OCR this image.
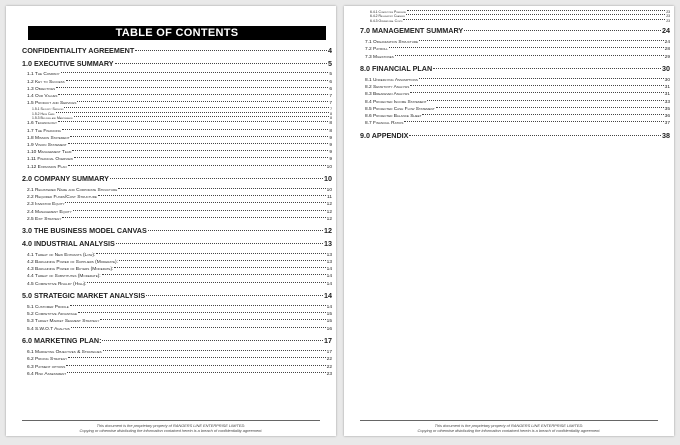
TABLE OF CONTENTS
CONFIDENTIALITY AGREEMENT	4
1.0 EXECUTIVE SUMMARY	5
1.1 The Company	5
1.2 Key to Success	6
1.3 Objectives	6
1.4 Our Values	7
1.5 Product and Services	7
1.5.1 Security Services	7
1.5.2 Here Care	8
1.5.3 Building and Maintenance	8
1.6 Technology	8
1.7 The Financing	8
1.8 Mission Statement	9
1.9 Vision Statement	9
1.10 Management Team	9
1.11 Financial Overview	9
1.12 Expansion Plan	10
2.0 COMPANY SUMMARY	10
2.1 Registered Name and Corporate Structure	10
2.2 Required Funds/Cost Structure	11
2.3 Investor Equity	12
2.4 Management Equity	12
2.5 Exit Strategy	12
3.0 THE BUSINESS MODEL CANVAS	12
4.0 INDUSTRIAL ANALYSIS	13
4.1 Threat of New Entrants (Low):	13
4.2 Bargaining Power of Suppliers (Moderate):	13
4.3 Bargaining Power of Buyers (Moderate):	14
4.4 Threat of Substitutes (Moderate):	14
4.5 Competitive Rivalry (High):	14
5.0 STRATEGIC MARKET ANALYSIS	14
5.1 Customer Profile	14
5.2 Competitive Advantage	15
5.3 Target Market Segment Strategy	15
5.4 S.W.O.T Analysis	16
6.0 MARKETING PLAN:	17
6.1 Marketing Objectives & Strategies	17
6.2 Pricing Strategy	22
6.3 Payment options	22
6.4 Risk Assessment	23
This document is the proprietary property of RANGERS LINE ENTERPRISE LIMITED.
Copying or otherwise distributing the information contained herein is a breach of confidentiality agreement.
6.4.1 Competitive Pressure	23
6.4.2 Regulatory Changes	23
6.4.3 Operational Costs	23
7.0 MANAGEMENT SUMMARY	24
7.1 Organization Structure	24
7.2 Payroll	28
7.3 Milestones	29
8.0 FINANCIAL PLAN	30
8.1 Underlying Assumptions	30
8.2 Sensitivity Analysis	31
8.3 Breakeven Analysis	31
8.4 Projected Income Statement	33
8.5 Projected Cash Flow Statement	35
8.6 Projected Balance Sheet	36
8.7 Financial Ratios	37
9.0 APPENDIX	38
This document is the proprietary property of RANGERS LINE ENTERPRISE LIMITED.
Copying or otherwise distributing the information contained herein is a breach of confidentiality agreement.
